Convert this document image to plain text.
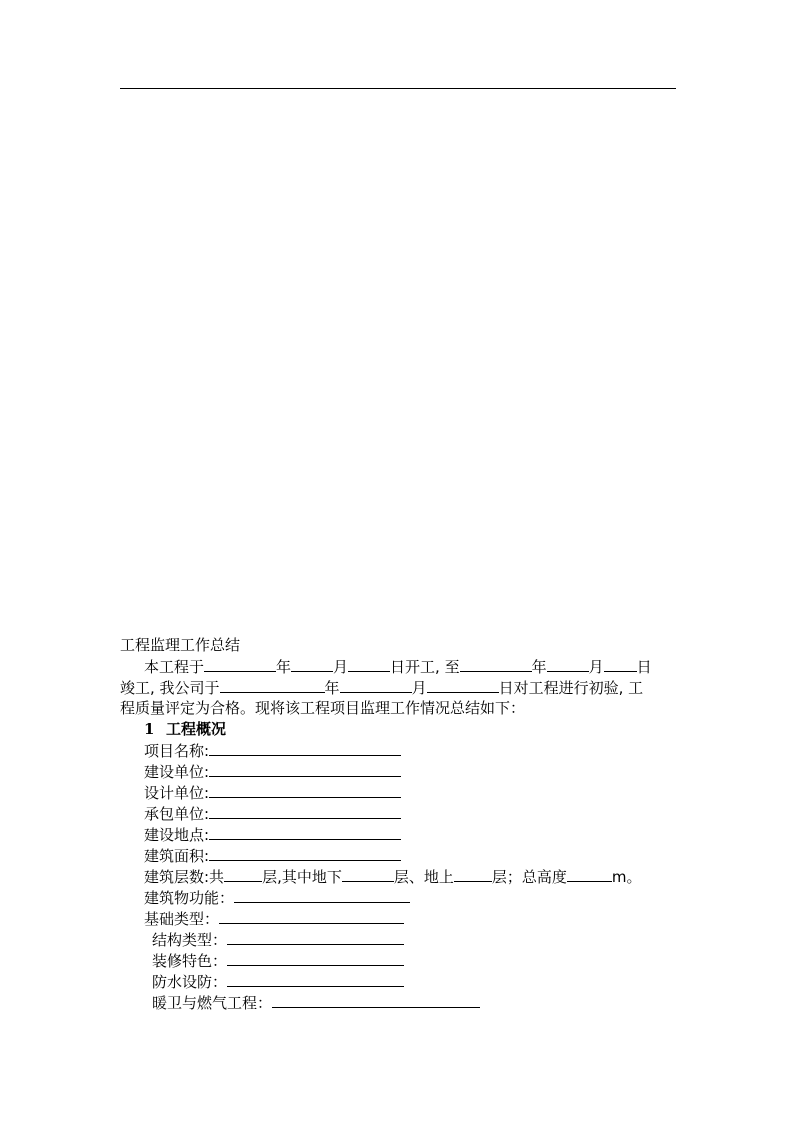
工程监理工作总结
本工程于	年	月	日开工, 至	年	月 日
竣工, 我公司于	年	月	日对工程进行初验, 工
程质量评定为合格。现将该工程项目监理工作情况总结如下：
1 工程概况
项目名称:
建设单位:
设计单位:
承包单位:
建设地点:
建筑面积:
建筑层数:共	层,其中地下	层、地上	层；总高度	m。
建筑物功能：
基础类型：
结构类型：
装修特色：
防水设防：
暖卫与燃气工程：
